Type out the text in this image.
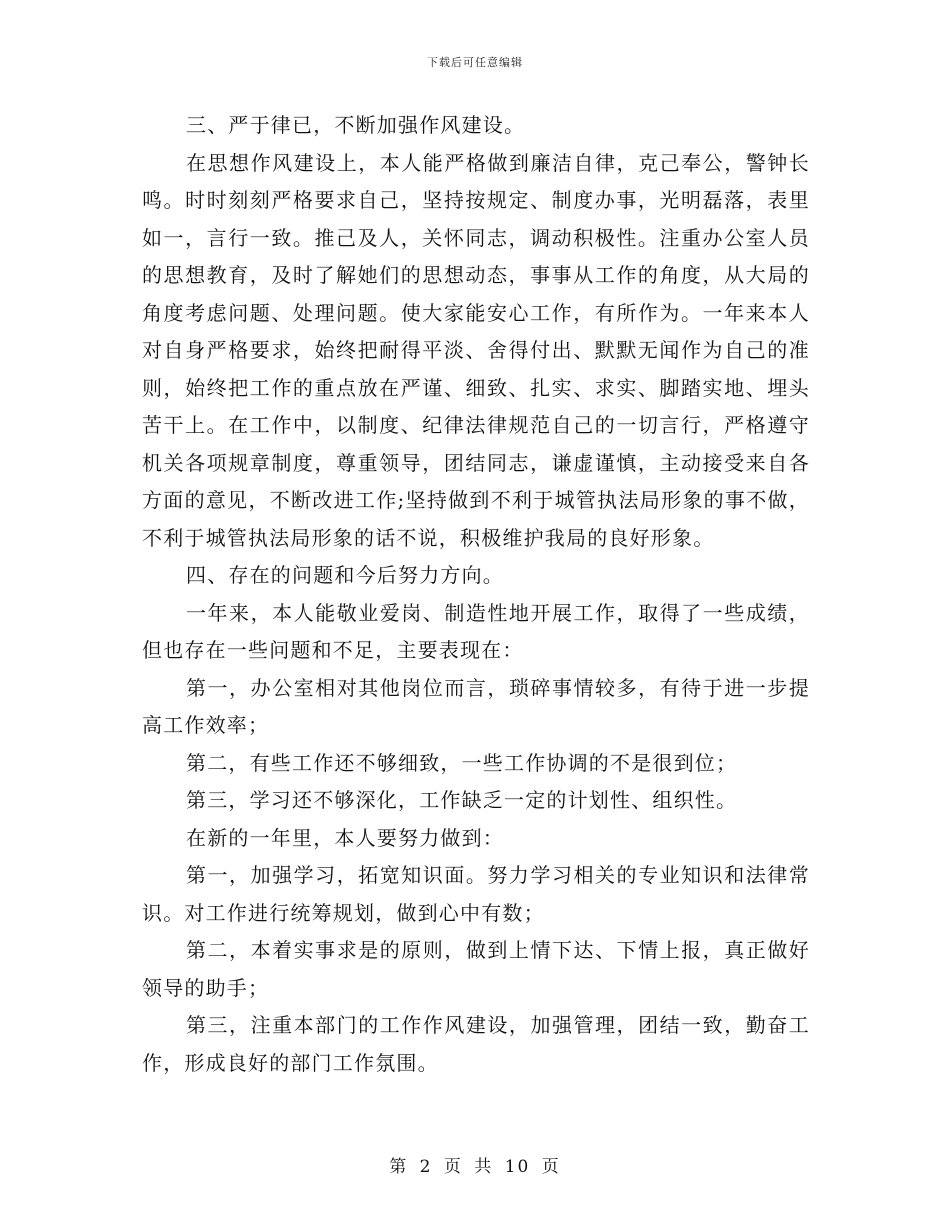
下载后可任意编辑

三、严于律已，不断加强作风建设。

在思想作风建设上，本人能严格做到廉洁自律，克己奉公，警钟长鸣。时时刻刻严格要求自己，坚持按规定、制度办事，光明磊落，表里如一，言行一致。推己及人，关怀同志，调动积极性。注重办公室人员的思想教育，及时了解她们的思想动态，事事从工作的角度，从大局的角度考虑问题、处理问题。使大家能安心工作，有所作为。一年来本人对自身严格要求，始终把耐得平淡、舍得付出、默默无闻作为自己的准则，始终把工作的重点放在严谨、细致、扎实、求实、脚踏实地、埋头苦干上。在工作中，以制度、纪律法律规范自己的一切言行，严格遵守机关各项规章制度，尊重领导，团结同志，谦虚谨慎，主动接受来自各方面的意见，不断改进工作;坚持做到不利于城管执法局形象的事不做，不利于城管执法局形象的话不说，积极维护我局的良好形象。

四、存在的问题和今后努力方向。

一年来，本人能敬业爱岗、制造性地开展工作，取得了一些成绩，但也存在一些问题和不足，主要表现在：

第一，办公室相对其他岗位而言，琐碎事情较多，有待于进一步提高工作效率；

第二，有些工作还不够细致，一些工作协调的不是很到位；

第三，学习还不够深化，工作缺乏一定的计划性、组织性。

在新的一年里，本人要努力做到：

第一，加强学习，拓宽知识面。努力学习相关的专业知识和法律常识。对工作进行统筹规划，做到心中有数；

第二，本着实事求是的原则，做到上情下达、下情上报，真正做好领导的助手；

第三，注重本部门的工作作风建设，加强管理，团结一致，勤奋工作，形成良好的部门工作氛围。

第 2 页 共 10 页
